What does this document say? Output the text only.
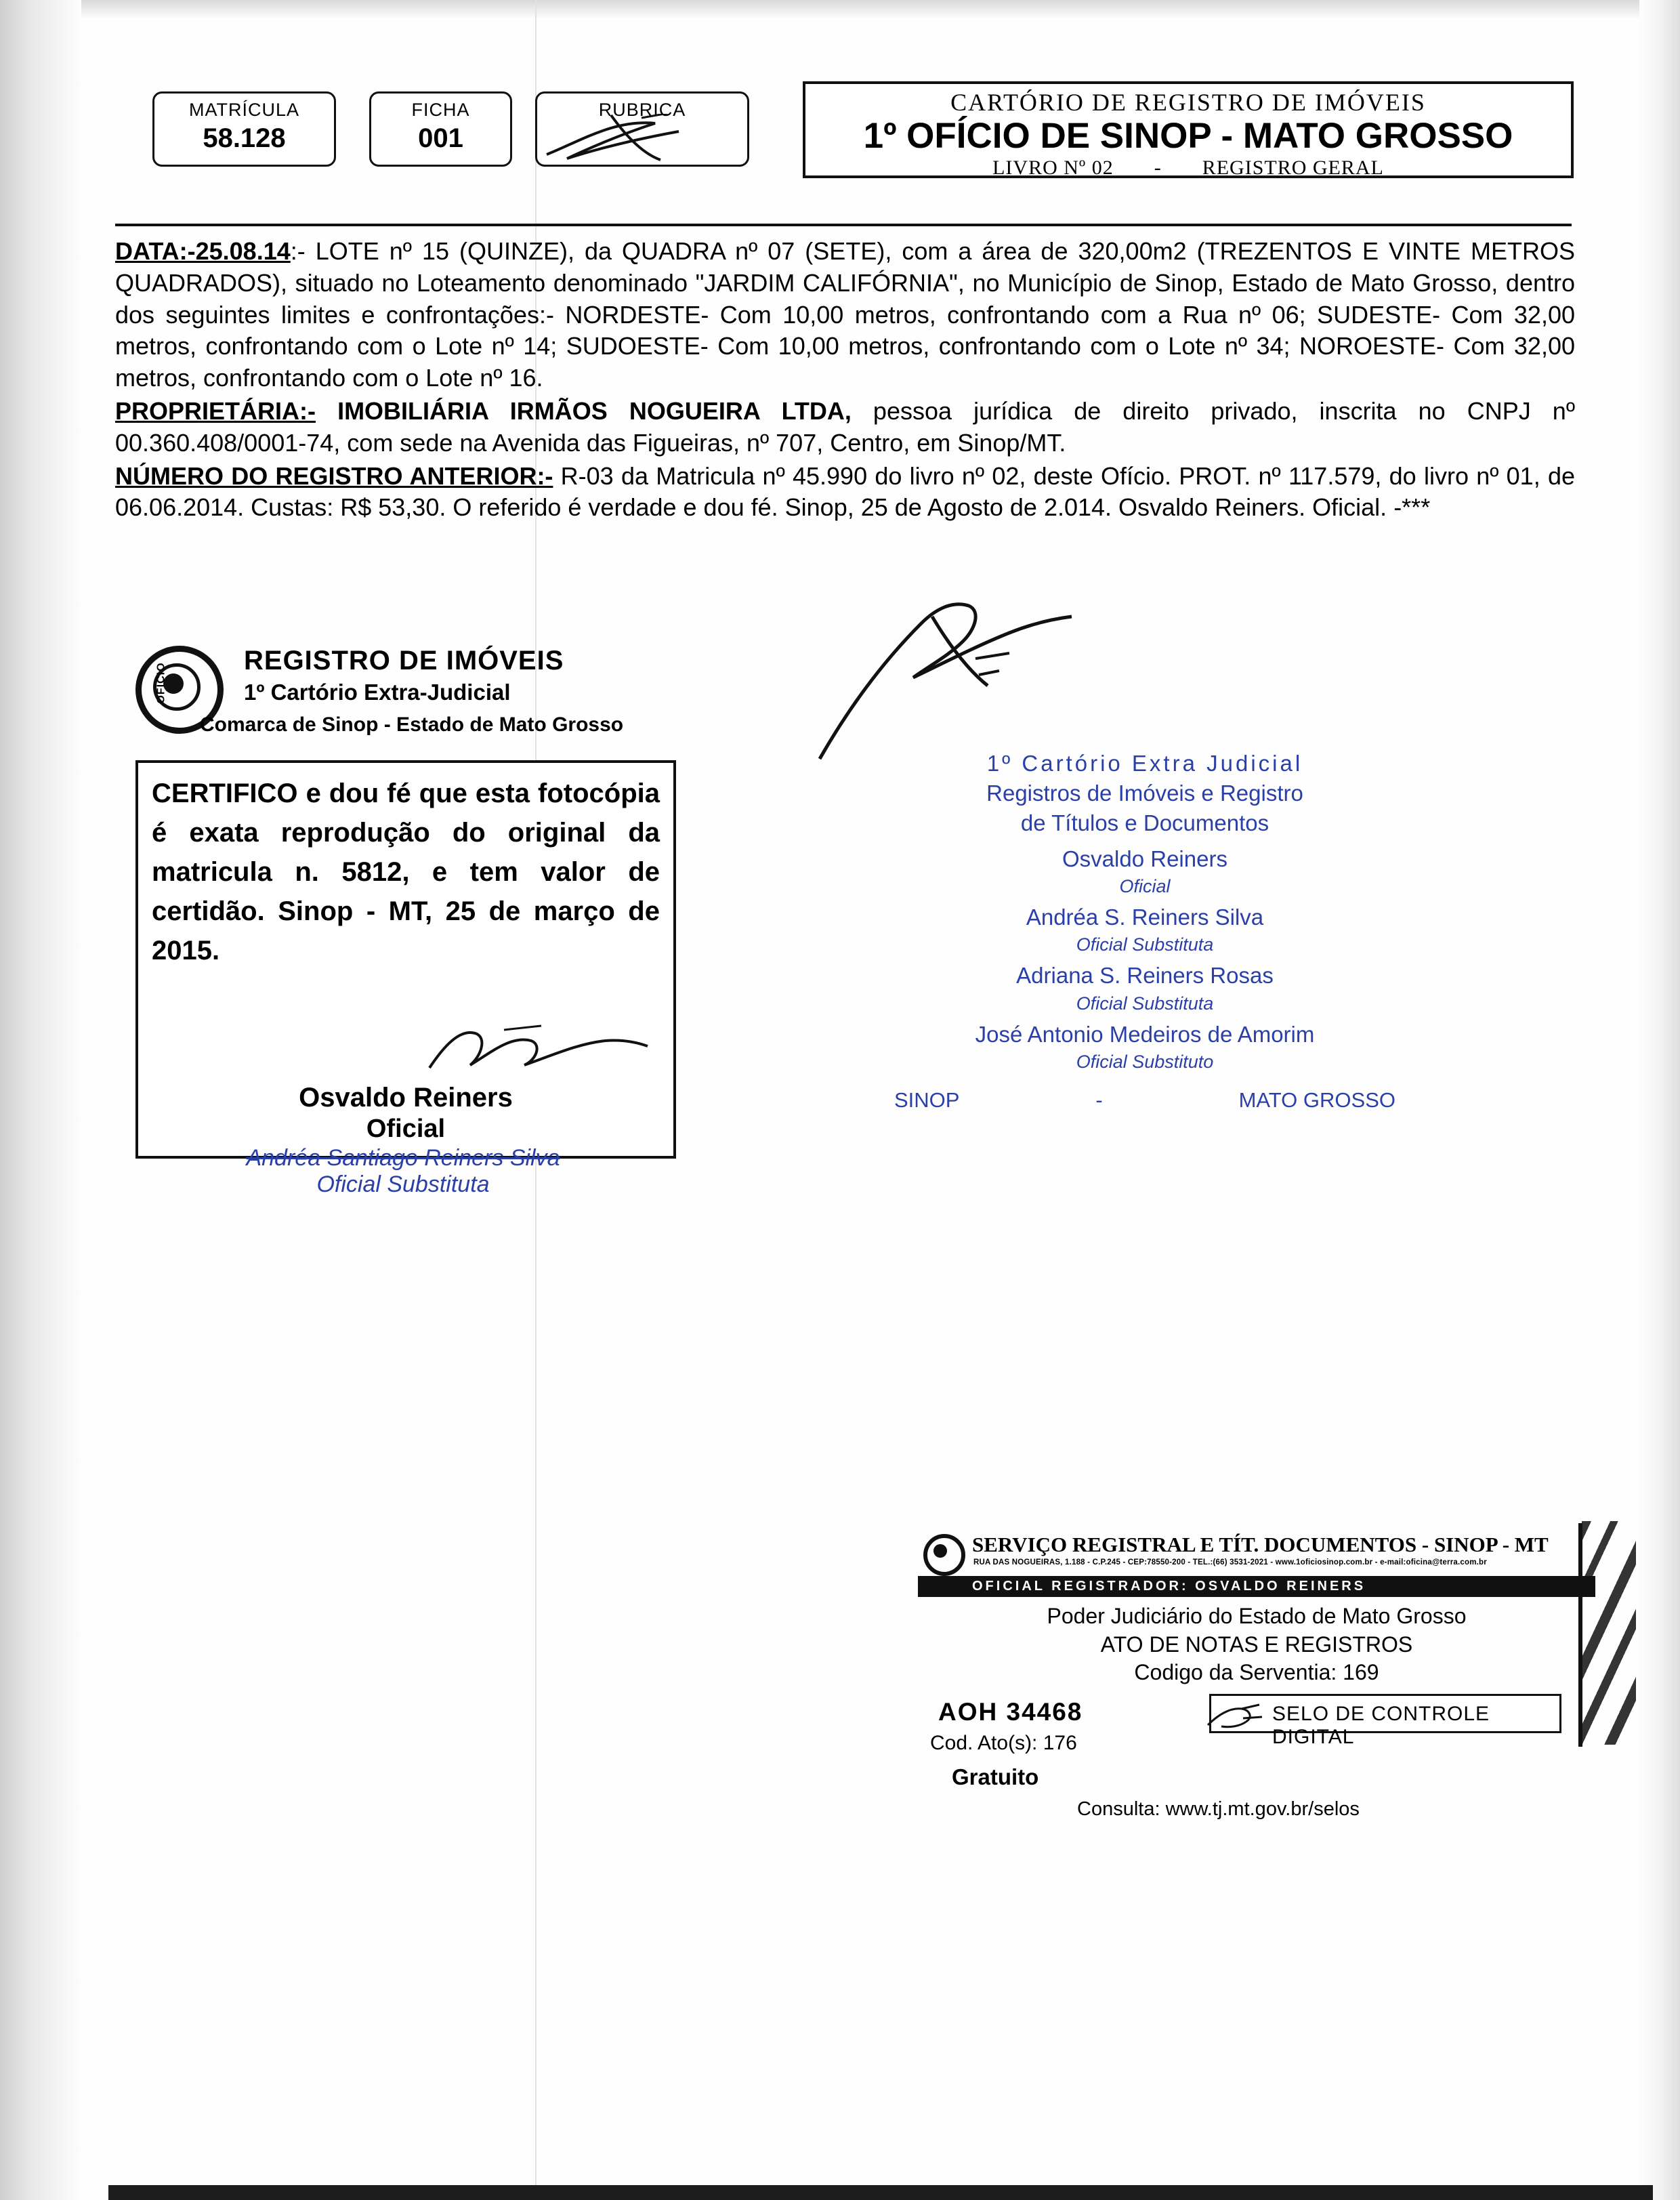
MATRÍCULA
58.128
FICHA
001
RUBRICA	CARTÓRIO DE REGISTRO DE IMÓVEIS
1º OFÍCIO DE SINOP - MATO GROSSO
LIVRO Nº 02 - REGISTRO GERAL

DATA:-25.08.14:- LOTE nº 15 (QUINZE), da QUADRA nº 07 (SETE), com a área de 320,00m2 (TREZENTOS E VINTE METROS QUADRADOS), situado no Loteamento denominado "JARDIM CALIFÓRNIA", no Município de Sinop, Estado de Mato Grosso, dentro dos seguintes limites e confrontações:- NORDESTE- Com 10,00 metros, confrontando com a Rua nº 06; SUDESTE- Com 32,00 metros, confrontando com o Lote nº 14; SUDOESTE- Com 10,00 metros, confrontando com o Lote nº 34; NOROESTE- Com 32,00 metros, confrontando com o Lote nº 16.

PROPRIETÁRIA:- IMOBILIÁRIA IRMÃOS NOGUEIRA LTDA, pessoa jurídica de direito privado, inscrita no CNPJ nº 00.360.408/0001-74, com sede na Avenida das Figueiras, nº 707, Centro, em Sinop/MT.

NÚMERO DO REGISTRO ANTERIOR:- R-03 da Matricula nº 45.990 do livro nº 02, deste Ofício. PROT. nº 117.579, do livro nº 01, de 06.06.2014. Custas: R$ 53,30. O referido é verdade e dou fé. Sinop, 25 de Agosto de 2.014. Osvaldo Reiners. Oficial. -***

OFÍCIO
REGISTRO DE IMÓVEIS
1º Cartório Extra-Judicial
Comarca de Sinop - Estado de Mato Grosso
CERTIFICO e dou fé que esta fotocópia é exata reprodução do original da matricula n. 5812, e tem valor de certidão. Sinop - MT, 25 de março de 2015.
Osvaldo Reiners
Oficial
Andréa Santiago Reiners Silva
Oficial Substituta
1º Cartório Extra Judicial
Registros de Imóveis e Registro
de Títulos e Documentos
Osvaldo Reiners
Oficial
Andréa S. Reiners Silva
Oficial Substituta
Adriana S. Reiners Rosas
Oficial Substituta
José Antonio Medeiros de Amorim
Oficial Substituto
SINOP	-	MATO GROSSO
SERVIÇO REGISTRAL E TÍT. DOCUMENTOS - SINOP - MT
RUA DAS NOGUEIRAS, 1.188 - C.P.245 - CEP:78550-200 - TEL.:(66) 3531-2021 - www.1oficiosinop.com.br - e-mail:oficina@terra.com.br
OFICIAL REGISTRADOR: OSVALDO REINERS
Poder Judiciário do Estado de Mato Grosso
ATO DE NOTAS E REGISTROS
Codigo da Serventia: 169
AOH 34468
Cod. Ato(s): 176
Gratuito
SELO DE CONTROLE DIGITAL
Consulta: www.tj.mt.gov.br/selos
